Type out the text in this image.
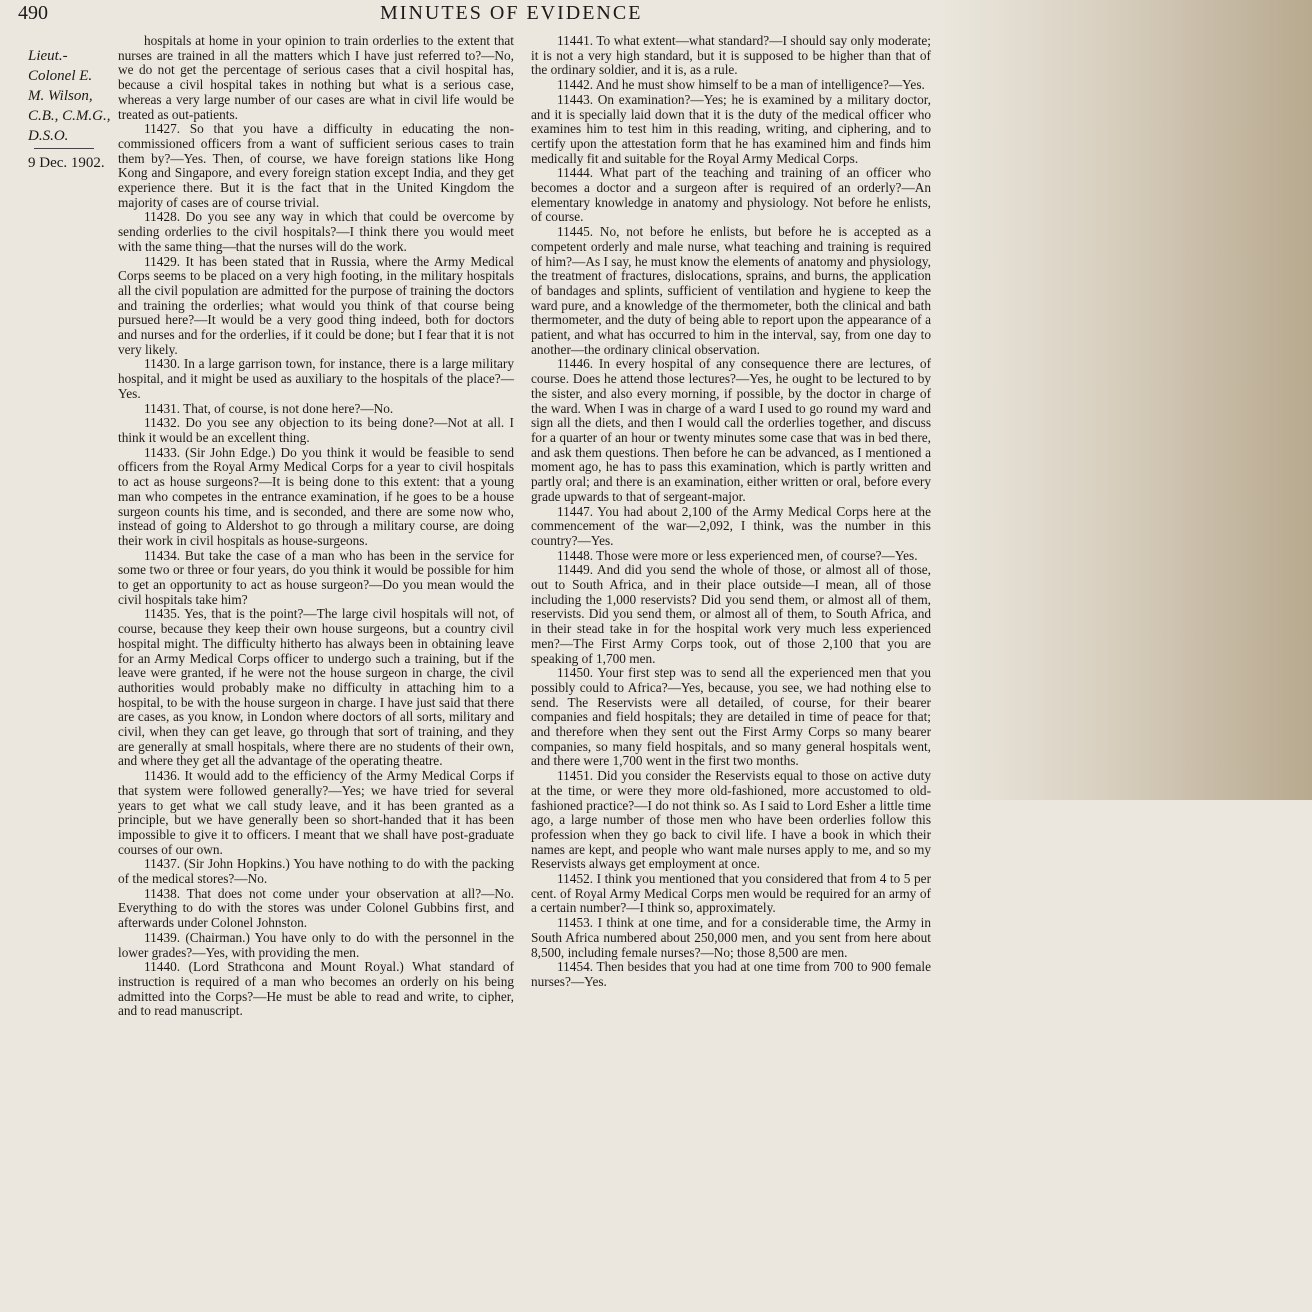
490	MINUTES OF EVIDENCE
Lieut.-
Colonel E.
M. Wilson,
C.B., C.M.G.,
D.S.O.
9 Dec. 1902.

hospitals at home in your opinion to train orderlies to the extent that nurses are trained in all the matters which I have just referred to?—No, we do not get the percentage of serious cases that a civil hospital has, because a civil hospital takes in nothing but what is a serious case, whereas a very large number of our cases are what in civil life would be treated as out-patients.

11427. So that you have a difficulty in educating the non-commissioned officers from a want of sufficient serious cases to train them by?—Yes. Then, of course, we have foreign stations like Hong Kong and Singapore, and every foreign station except India, and they get experience there. But it is the fact that in the United Kingdom the majority of cases are of course trivial.

11428. Do you see any way in which that could be overcome by sending orderlies to the civil hospitals?—I think there you would meet with the same thing—that the nurses will do the work.

11429. It has been stated that in Russia, where the Army Medical Corps seems to be placed on a very high footing, in the military hospitals all the civil population are admitted for the purpose of training the doctors and training the orderlies; what would you think of that course being pursued here?—It would be a very good thing indeed, both for doctors and nurses and for the orderlies, if it could be done; but I fear that it is not very likely.

11430. In a large garrison town, for instance, there is a large military hospital, and it might be used as auxiliary to the hospitals of the place?—Yes.

11431. That, of course, is not done here?—No.

11432. Do you see any objection to its being done?—Not at all. I think it would be an excellent thing.

11433. (Sir John Edge.) Do you think it would be feasible to send officers from the Royal Army Medical Corps for a year to civil hospitals to act as house surgeons?—It is being done to this extent: that a young man who competes in the entrance examination, if he goes to be a house surgeon counts his time, and is seconded, and there are some now who, instead of going to Aldershot to go through a military course, are doing their work in civil hospitals as house-surgeons.

11434. But take the case of a man who has been in the service for some two or three or four years, do you think it would be possible for him to get an opportunity to act as house surgeon?—Do you mean would the civil hospitals take him?

11435. Yes, that is the point?—The large civil hospitals will not, of course, because they keep their own house surgeons, but a country civil hospital might. The difficulty hitherto has always been in obtaining leave for an Army Medical Corps officer to undergo such a training, but if the leave were granted, if he were not the house surgeon in charge, the civil authorities would probably make no difficulty in attaching him to a hospital, to be with the house surgeon in charge. I have just said that there are cases, as you know, in London where doctors of all sorts, military and civil, when they can get leave, go through that sort of training, and they are generally at small hospitals, where there are no students of their own, and where they get all the advantage of the operating theatre.

11436. It would add to the efficiency of the Army Medical Corps if that system were followed generally?—Yes; we have tried for several years to get what we call study leave, and it has been granted as a principle, but we have generally been so short-handed that it has been impossible to give it to officers. I meant that we shall have post-graduate courses of our own.

11437. (Sir John Hopkins.) You have nothing to do with the packing of the medical stores?—No.

11438. That does not come under your observation at all?—No. Everything to do with the stores was under Colonel Gubbins first, and afterwards under Colonel Johnston.

11439. (Chairman.) You have only to do with the personnel in the lower grades?—Yes, with providing the men.

11440. (Lord Strathcona and Mount Royal.) What standard of instruction is required of a man who becomes an orderly on his being admitted into the Corps?—He must be able to read and write, to cipher, and to read manuscript.

11441. To what extent—what standard?—I should say only moderate; it is not a very high standard, but it is supposed to be higher than that of the ordinary soldier, and it is, as a rule.

11442. And he must show himself to be a man of intelligence?—Yes.

11443. On examination?—Yes; he is examined by a military doctor, and it is specially laid down that it is the duty of the medical officer who examines him to test him in this reading, writing, and ciphering, and to certify upon the attestation form that he has examined him and finds him medically fit and suitable for the Royal Army Medical Corps.

11444. What part of the teaching and training of an officer who becomes a doctor and a surgeon after is required of an orderly?—An elementary knowledge in anatomy and physiology. Not before he enlists, of course.

11445. No, not before he enlists, but before he is accepted as a competent orderly and male nurse, what teaching and training is required of him?—As I say, he must know the elements of anatomy and physiology, the treatment of fractures, dislocations, sprains, and burns, the application of bandages and splints, sufficient of ventilation and hygiene to keep the ward pure, and a knowledge of the thermometer, both the clinical and bath thermometer, and the duty of being able to report upon the appearance of a patient, and what has occurred to him in the interval, say, from one day to another—the ordinary clinical observation.

11446. In every hospital of any consequence there are lectures, of course. Does he attend those lectures?—Yes, he ought to be lectured to by the sister, and also every morning, if possible, by the doctor in charge of the ward. When I was in charge of a ward I used to go round my ward and sign all the diets, and then I would call the orderlies together, and discuss for a quarter of an hour or twenty minutes some case that was in bed there, and ask them questions. Then before he can be advanced, as I mentioned a moment ago, he has to pass this examination, which is partly written and partly oral; and there is an examination, either written or oral, before every grade upwards to that of sergeant-major.

11447. You had about 2,100 of the Army Medical Corps here at the commencement of the war—2,092, I think, was the number in this country?—Yes.

11448. Those were more or less experienced men, of course?—Yes.

11449. And did you send the whole of those, or almost all of those, out to South Africa, and in their place outside—I mean, all of those including the 1,000 reservists? Did you send them, or almost all of them, reservists. Did you send them, or almost all of them, to South Africa, and in their stead take in for the hospital work very much less experienced men?—The First Army Corps took, out of those 2,100 that you are speaking of 1,700 men.

11450. Your first step was to send all the experienced men that you possibly could to Africa?—Yes, because, you see, we had nothing else to send. The Reservists were all detailed, of course, for their bearer companies and field hospitals; they are detailed in time of peace for that; and therefore when they sent out the First Army Corps so many bearer companies, so many field hospitals, and so many general hospitals went, and there were 1,700 went in the first two months.

11451. Did you consider the Reservists equal to those on active duty at the time, or were they more old-fashioned, more accustomed to old-fashioned practice?—I do not think so. As I said to Lord Esher a little time ago, a large number of those men who have been orderlies follow this profession when they go back to civil life. I have a book in which their names are kept, and people who want male nurses apply to me, and so my Reservists always get employment at once.

11452. I think you mentioned that you considered that from 4 to 5 per cent. of Royal Army Medical Corps men would be required for an army of a certain number?—I think so, approximately.

11453. I think at one time, and for a considerable time, the Army in South Africa numbered about 250,000 men, and you sent from here about 8,500, including female nurses?—No; those 8,500 are men.

11454. Then besides that you had at one time from 700 to 900 female nurses?—Yes.
